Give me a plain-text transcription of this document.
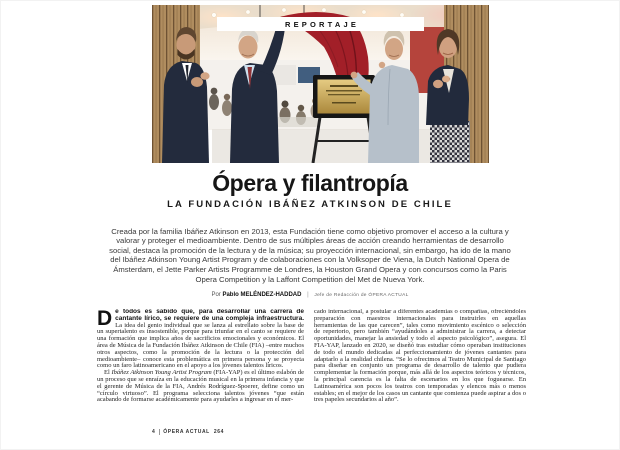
REPORTAJE
Ópera y filantropía
LA FUNDACIÓN IBÁÑEZ ATKINSON DE CHILE

Creada por la familia Ibáñez Atkinson en 2013, esta Fundación tiene como objetivo promover el acceso a la cultura y valorar y proteger el medioambiente. Dentro de sus múltiples áreas de acción creando herramientas de desarrollo social, destaca la promoción de la lectura y de la música; su proyección internacional, sin embargo, ha ido de la mano del Ibáñez Atkinson Young Artist Program y de colaboraciones con la Volksoper de Viena, la Dutch National Opera de Ámsterdam, el Jette Parker Artists Programme de Londres, la Houston Grand Opera y con concursos como la Paris Opera Competition y la Laffont Competition del Met de Nueva York.

Por Pablo MELÉNDEZ-HADDAD | Jefe de Redacción de ÓPERA ACTUAL

De todos es sabido que, para desarrollar una carrera de cantante lírico, se requiere de una compleja infraestructura. La idea del genio individual que se lanza al estrellato sobre la base de un supertalento es insostenible, porque para triunfar en el canto se requiere de una formación que implica años de sacrificios emocionales y económicos. El área de Música de la Fundación Ibáñez Atkinson de Chile (FIA) –entre muchos otros aspectos, como la promoción de la lectura o la protección del medioambiente– conoce esta problemática en primera persona y se proyecta como un faro latinoamericano en el apoyo a los jóvenes talentos líricos.

El Ibáñez Atkinson Young Artist Program (FIA-YAP) es el último eslabón de un proceso que se enraíza en la educación musical en la primera infancia y que el gerente de Música de la FIA, Andrés Rodríguez-Spoerer, define como un “círculo virtuoso”. El programa selecciona talentos jóvenes “que están acabando de formarse académicamente para ayudarles a ingresar en el mer-

cado internacional, a postular a diferentes academias o compañías, ofreciéndoles preparación con maestros internacionales para instruirles en aquellas herramientas de las que carecen”, tales como movimiento escénico o selección de repertorio, pero también “ayudándoles a administrar la carrera, a detectar oportunidades, manejar la ansiedad y todo el aspecto psicológico”, asegura. El FIA-YAP, lanzado en 2020, se diseñó tras estudiar cómo operaban instituciones de todo el mundo dedicadas al perfeccionamiento de jóvenes cantantes para adaptarlo a la realidad chilena. “Se lo ofrecimos al Teatro Municipal de Santiago para diseñar en conjunto un programa de desarrollo de talento que pudiera complementar la formación porque, más allá de los aspectos teóricos y técnicos, la principal carencia es la falta de escenarios en los que foguearse. En Latinoamérica son pocos los teatros con temporadas y elencos más o menos estables; en el mejor de los casos un cantante que comienza puede aspirar a dos o tres papeles secundarios al año”.

4 ÓPERA ACTUAL 264
